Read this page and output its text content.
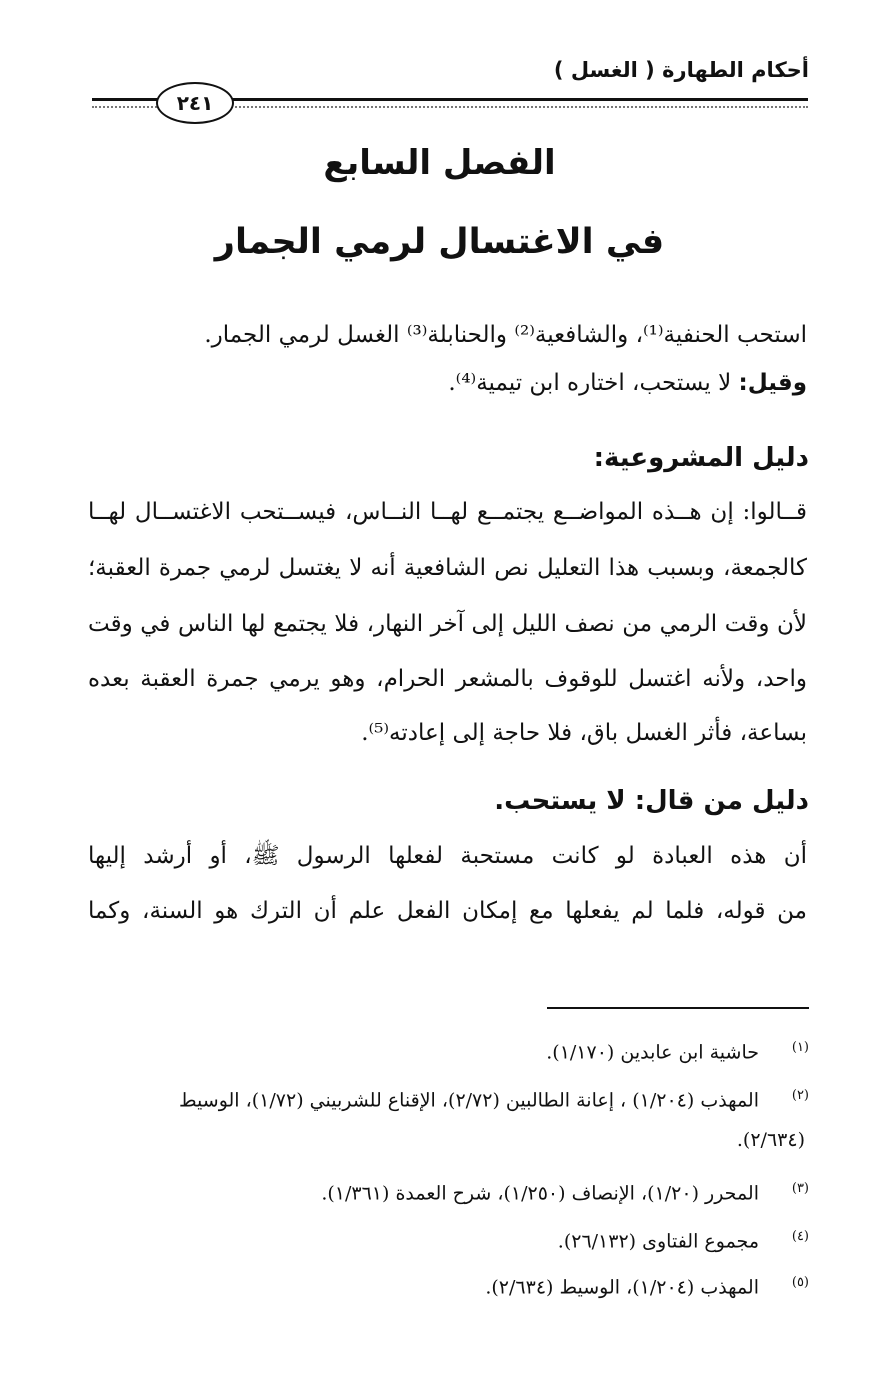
أحكام الطهارة ( الغسل )
٢٤١
الفصل السابع
في الاغتسال لرمي الجمار
استحب الحنفية⁽¹⁾، والشافعية⁽²⁾ والحنابلة⁽³⁾ الغسل لرمي الجمار.
وقيل: لا يستحب، اختاره ابن تيمية⁽⁴⁾.
دليل المشروعية:
قــالوا: إن هــذه المواضــع يجتمــع لهــا النــاس، فيســتحب الاغتســال لهــا
كالجمعة، وبسبب هذا التعليل نص الشافعية أنه لا يغتسل لرمي جمرة العقبة؛
لأن وقت الرمي من نصف الليل إلى آخر النهار، فلا يجتمع لها الناس في وقت
واحد، ولأنه اغتسل للوقوف بالمشعر الحرام، وهو يرمي جمرة العقبة بعده
بساعة، فأثر الغسل باق، فلا حاجة إلى إعادته⁽⁵⁾.
دليل من قال: لا يستحب.
أن هذه العبادة لو كانت مستحبة لفعلها الرسول ﷺ، أو أرشد إليها
من قوله، فلما لم يفعلها مع إمكان الفعل علم أن الترك هو السنة، وكما
(١)حاشية ابن عابدين (١/١٧٠).
(٢)المهذب (١/٢٠٤) ، إعانة الطالبين (٢/٧٢)، الإقناع للشربيني (١/٧٢)، الوسيط
(٢/٦٣٤).
(٣)المحرر (١/٢٠)، الإنصاف (١/٢٥٠)، شرح العمدة (١/٣٦١).
(٤)مجموع الفتاوى (٢٦/١٣٢).
(٥)المهذب (١/٢٠٤)، الوسيط (٢/٦٣٤).
